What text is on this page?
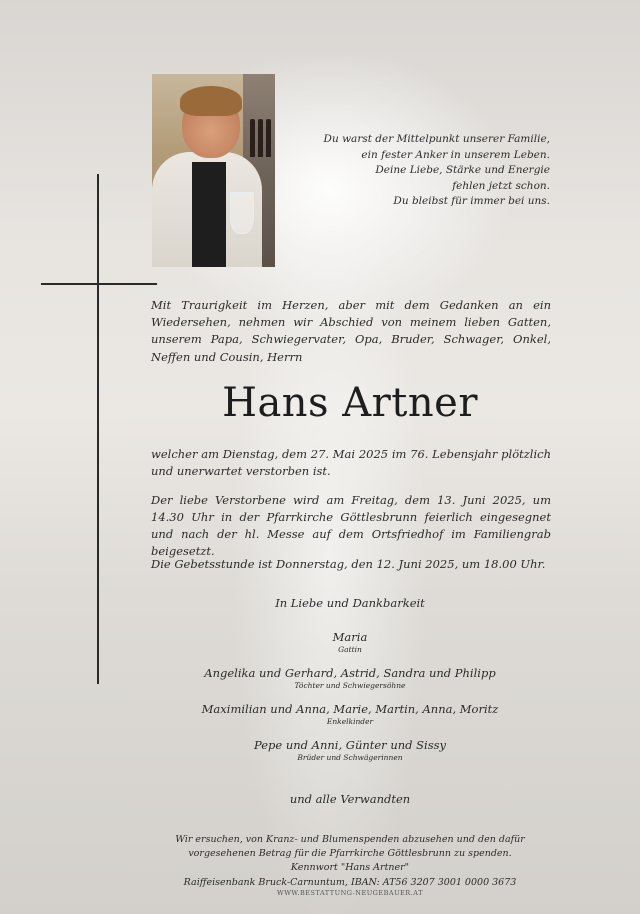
Du warst der Mittelpunkt unserer Familie,
ein fester Anker in unserem Leben.
Deine Liebe, Stärke und Energie
fehlen jetzt schon.
Du bleibst für immer bei uns.
Mit Traurigkeit im Herzen, aber mit dem Gedanken an ein Wiedersehen, nehmen wir Abschied von meinem lieben Gatten, unserem Papa, Schwiegervater, Opa, Bruder, Schwager, Onkel, Neffen und Cousin, Herrn
Hans Artner
welcher am Dienstag, dem 27. Mai 2025 im 76. Lebensjahr plötzlich und unerwartet verstorben ist.
Der liebe Verstorbene wird am Freitag, dem 13. Juni 2025, um 14.30 Uhr in der Pfarrkirche Göttlesbrunn feierlich eingesegnet und nach der hl. Messe auf dem Ortsfriedhof im Familiengrab beigesetzt.
Die Gebetsstunde ist Donnerstag, den 12. Juni 2025, um 18.00 Uhr.
In Liebe und Dankbarkeit
Maria
Gattin
Angelika und Gerhard, Astrid, Sandra und Philipp
Töchter und Schwiegersöhne
Maximilian und Anna, Marie, Martin, Anna, Moritz
Enkelkinder
Pepe und Anni, Günter und Sissy
Brüder und Schwägerinnen
und alle Verwandten
Wir ersuchen, von Kranz- und Blumenspenden abzusehen und den dafür
vorgesehenen Betrag für die Pfarrkirche Göttlesbrunn zu spenden.
Kennwort "Hans Artner"
Raiffeisenbank Bruck-Carnuntum, IBAN: AT56 3207 3001 0000 3673
WWW.BESTATTUNG-NEUGEBAUER.AT
